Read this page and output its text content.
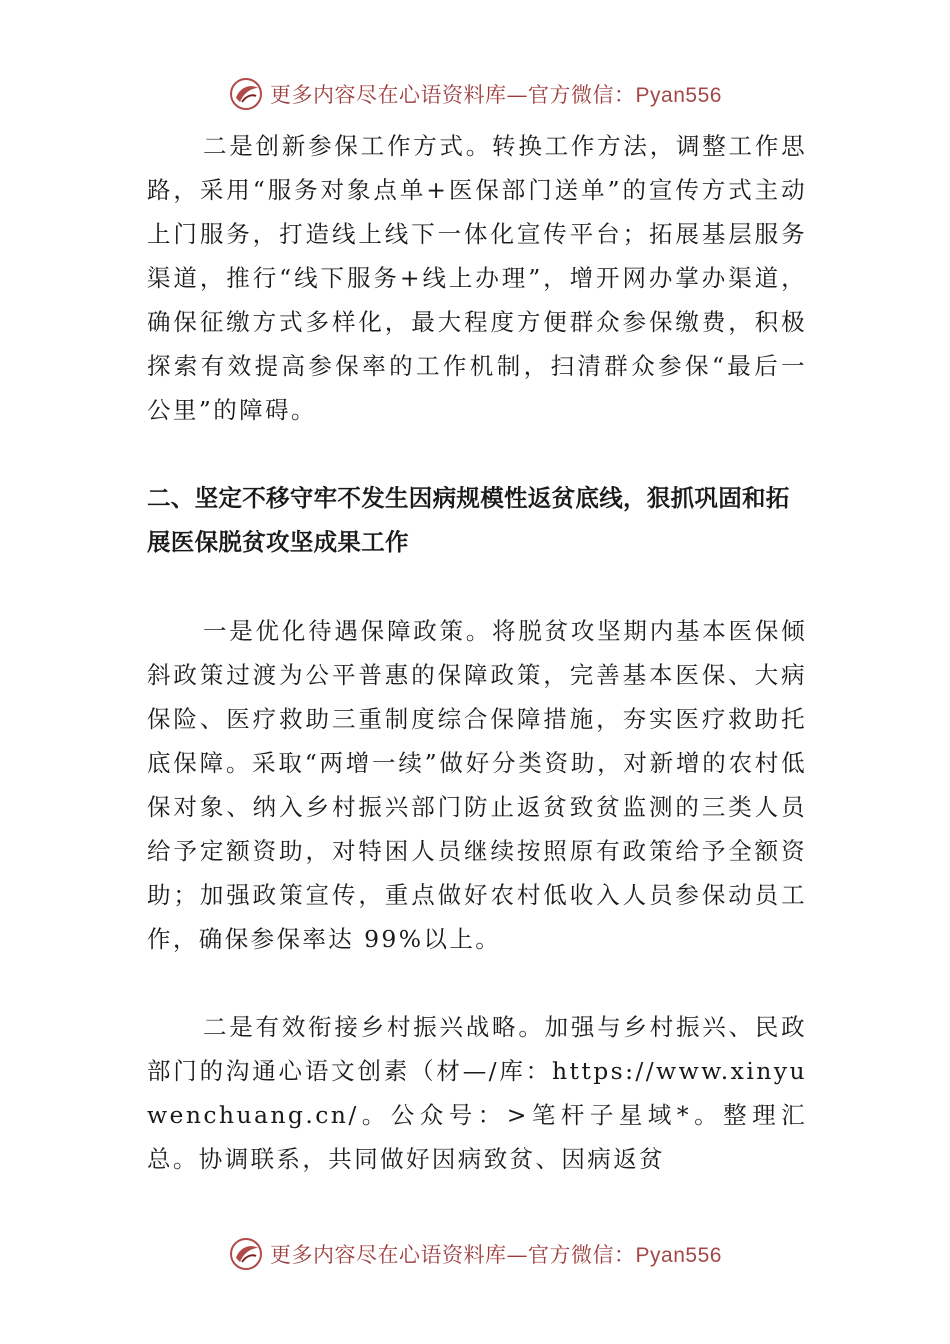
更多内容尽在心语资料库—官方微信：Pyan556

二是创新参保工作方式。转换工作方法，调整工作思路，采用“服务对象点单+医保部门送单”的宣传方式主动上门服务，打造线上线下一体化宣传平台；拓展基层服务渠道，推行“线下服务+线上办理”，增开网办掌办渠道，确保征缴方式多样化，最大程度方便群众参保缴费，积极探索有效提高参保率的工作机制，扫清群众参保“最后一公里”的障碍。

二、坚定不移守牢不发生因病规模性返贫底线，狠抓巩固和拓展医保脱贫攻坚成果工作

一是优化待遇保障政策。将脱贫攻坚期内基本医保倾斜政策过渡为公平普惠的保障政策，完善基本医保、大病保险、医疗救助三重制度综合保障措施，夯实医疗救助托底保障。采取“两增一续”做好分类资助，对新增的农村低保对象、纳入乡村振兴部门防止返贫致贫监测的三类人员给予定额资助，对特困人员继续按照原有政策给予全额资助；加强政策宣传，重点做好农村低收入人员参保动员工作，确保参保率达 99%以上。

二是有效衔接乡村振兴战略。加强与乡村振兴、民政部门的沟通心语文创素（材—/库：https://www.xinyuwenchuang.cn/。公众号：>笔杆子星域*。整理汇总。协调联系，共同做好因病致贫、因病返贫

更多内容尽在心语资料库—官方微信：Pyan556
